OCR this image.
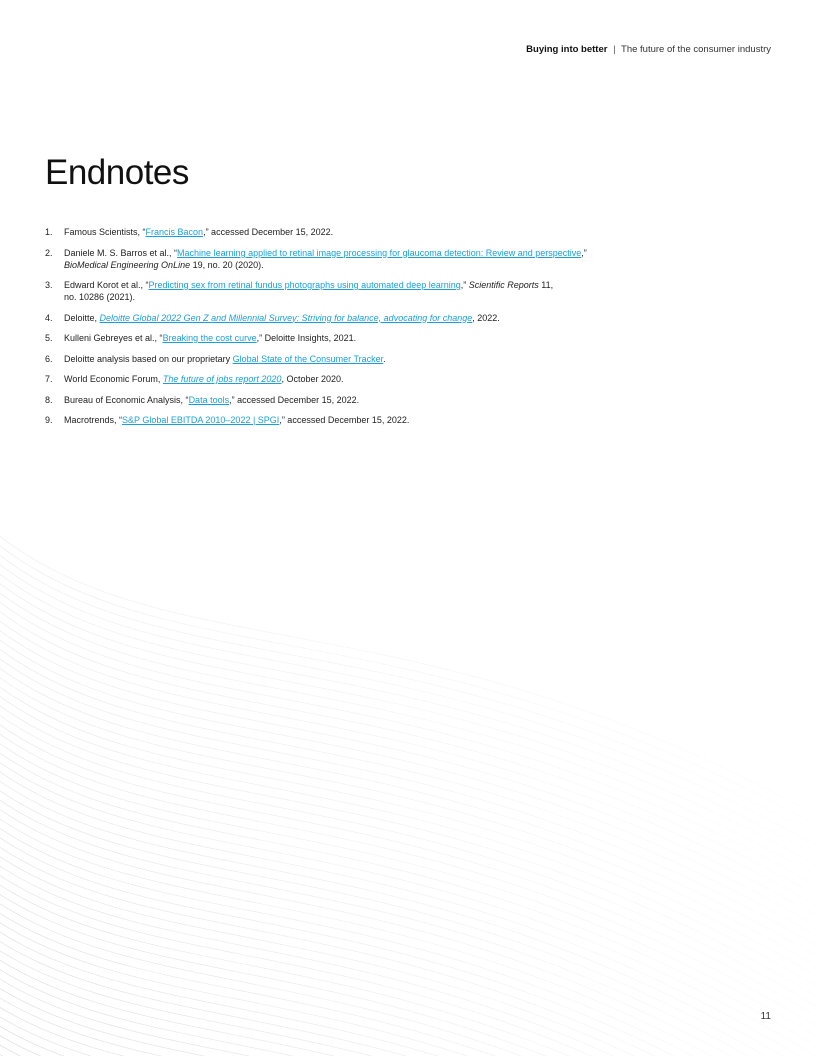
Buying into better | The future of the consumer industry
Endnotes
1.	Famous Scientists, “Francis Bacon,” accessed December 15, 2022.
2.	Daniele M. S. Barros et al., “Machine learning applied to retinal image processing for glaucoma detection: Review and perspective,”
BioMedical Engineering OnLine 19, no. 20 (2020).
3.	Edward Korot et al., “Predicting sex from retinal fundus photographs using automated deep learning,” Scientific Reports 11,
no. 10286 (2021).
4.	Deloitte, Deloitte Global 2022 Gen Z and Millennial Survey: Striving for balance, advocating for change, 2022.
5.	Kulleni Gebreyes et al., “Breaking the cost curve,” Deloitte Insights, 2021.
6.	Deloitte analysis based on our proprietary Global State of the Consumer Tracker.
7.	World Economic Forum, The future of jobs report 2020, October 2020.
8.	Bureau of Economic Analysis, “Data tools,” accessed December 15, 2022.
9.	Macrotrends, “S&P Global EBITDA 2010–2022 | SPGI,” accessed December 15, 2022.
11
